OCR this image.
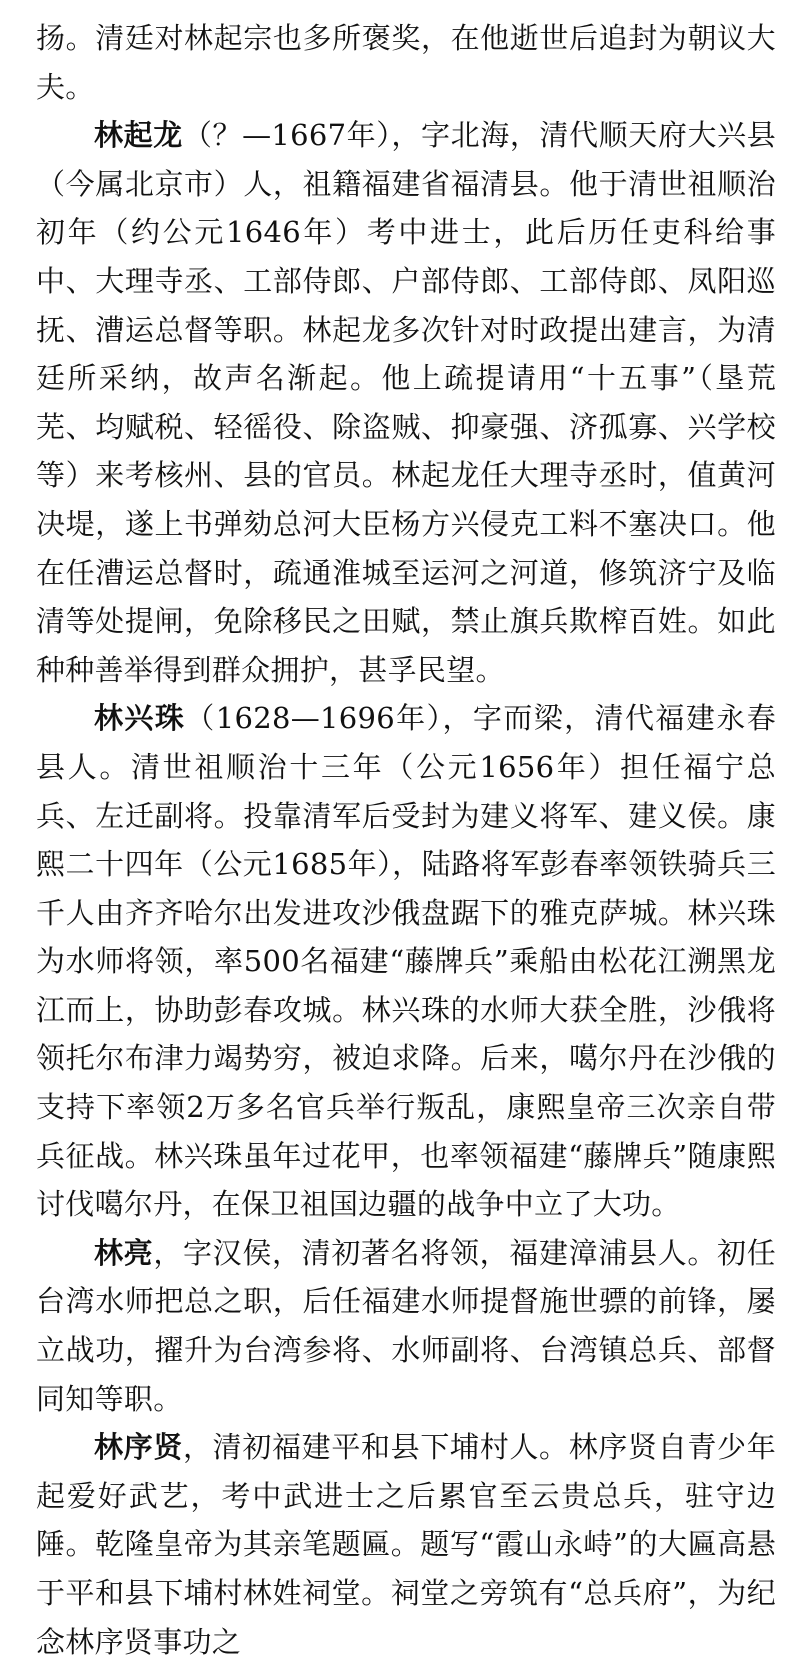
扬。清廷对林起宗也多所褒奖，在他逝世后追封为朝议大夫。

林起龙（？—1667年），字北海，清代顺天府大兴县（今属北京市）人，祖籍福建省福清县。他于清世祖顺治初年（约公元1646年）考中进士，此后历任吏科给事中、大理寺丞、工部侍郎、户部侍郎、工部侍郎、凤阳巡抚、漕运总督等职。林起龙多次针对时政提出建言，为清廷所采纳，故声名渐起。他上疏提请用“十五事”（垦荒芜、均赋税、轻徭役、除盗贼、抑豪强、济孤寡、兴学校等）来考核州、县的官员。林起龙任大理寺丞时，值黄河决堤，遂上书弹劾总河大臣杨方兴侵克工料不塞决口。他在任漕运总督时，疏通淮城至运河之河道，修筑济宁及临清等处提闸，免除移民之田赋，禁止旗兵欺榨百姓。如此种种善举得到群众拥护，甚孚民望。

林兴珠（1628—1696年），字而梁，清代福建永春县人。清世祖顺治十三年（公元1656年）担任福宁总兵、左迁副将。投靠清军后受封为建义将军、建义侯。康熙二十四年（公元1685年），陆路将军彭春率领铁骑兵三千人由齐齐哈尔出发进攻沙俄盘踞下的雅克萨城。林兴珠为水师将领，率500名福建“藤牌兵”乘船由松花江溯黑龙江而上，协助彭春攻城。林兴珠的水师大获全胜，沙俄将领托尔布津力竭势穷，被迫求降。后来，噶尔丹在沙俄的支持下率领2万多名官兵举行叛乱，康熙皇帝三次亲自带兵征战。林兴珠虽年过花甲，也率领福建“藤牌兵”随康熙讨伐噶尔丹，在保卫祖国边疆的战争中立了大功。

林亮，字汉侯，清初著名将领，福建漳浦县人。初任台湾水师把总之职，后任福建水师提督施世骠的前锋，屡立战功，擢升为台湾参将、水师副将、台湾镇总兵、部督同知等职。

林序贤，清初福建平和县下埔村人。林序贤自青少年起爱好武艺，考中武进士之后累官至云贵总兵，驻守边陲。乾隆皇帝为其亲笔题匾。题写“霞山永峙”的大匾高悬于平和县下埔村林姓祠堂。祠堂之旁筑有“总兵府”，为纪念林序贤事功之
